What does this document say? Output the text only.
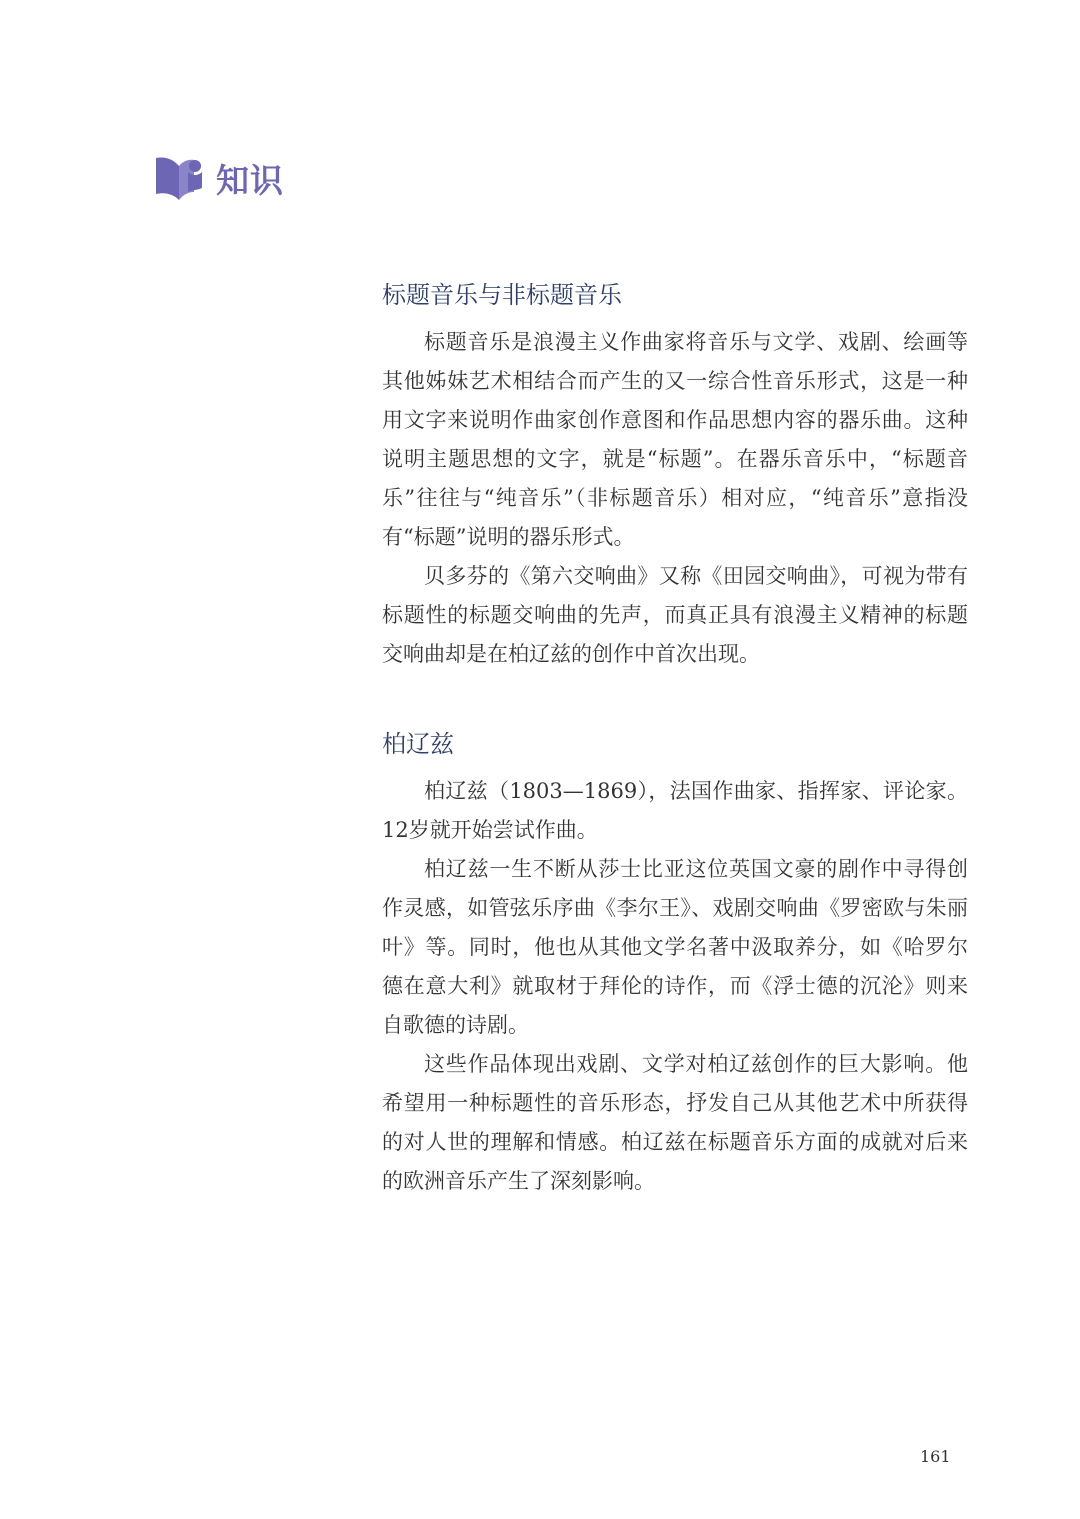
知识
标题音乐与非标题音乐

标题音乐是浪漫主义作曲家将音乐与文学、戏剧、绘画等其他姊妹艺术相结合而产生的又一综合性音乐形式，这是一种用文字来说明作曲家创作意图和作品思想内容的器乐曲。这种说明主题思想的文字，就是“标题”。在器乐音乐中，“标题音乐”往往与“纯音乐”（非标题音乐）相对应，“纯音乐”意指没有“标题”说明的器乐形式。

贝多芬的《第六交响曲》又称《田园交响曲》，可视为带有标题性的标题交响曲的先声，而真正具有浪漫主义精神的标题交响曲却是在柏辽兹的创作中首次出现。

柏辽兹

柏辽兹（1803—1869），法国作曲家、指挥家、评论家。12岁就开始尝试作曲。

柏辽兹一生不断从莎士比亚这位英国文豪的剧作中寻得创作灵感，如管弦乐序曲《李尔王》、戏剧交响曲《罗密欧与朱丽叶》等。同时，他也从其他文学名著中汲取养分，如《哈罗尔德在意大利》就取材于拜伦的诗作，而《浮士德的沉沦》则来自歌德的诗剧。

这些作品体现出戏剧、文学对柏辽兹创作的巨大影响。他希望用一种标题性的音乐形态，抒发自己从其他艺术中所获得的对人世的理解和情感。柏辽兹在标题音乐方面的成就对后来的欧洲音乐产生了深刻影响。

161
